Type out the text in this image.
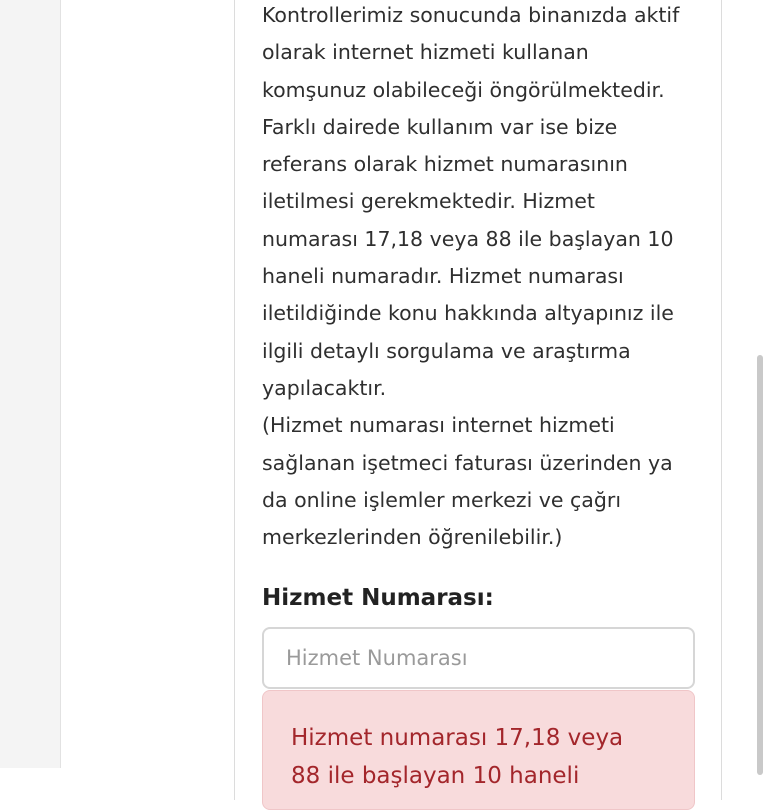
Kontrollerimiz sonucunda binanızda aktif
olarak internet hizmeti kullanan
komşunuz olabileceği öngörülmektedir.
Farklı dairede kullanım var ise bize
referans olarak hizmet numarasının
iletilmesi gerekmektedir. Hizmet
numarası 17,18 veya 88 ile başlayan 10
haneli numaradır. Hizmet numarası
iletildiğinde konu hakkında altyapınız ile
ilgili detaylı sorgulama ve araştırma
yapılacaktır.
(Hizmet numarası internet hizmeti
sağlanan işetmeci faturası üzerinden ya
da online işlemler merkezi ve çağrı
merkezlerinden öğrenilebilir.)

Hizmet Numarası:
Hizmet Numarası

Hizmet numarası 17,18 veya
88 ile başlayan 10 haneli
